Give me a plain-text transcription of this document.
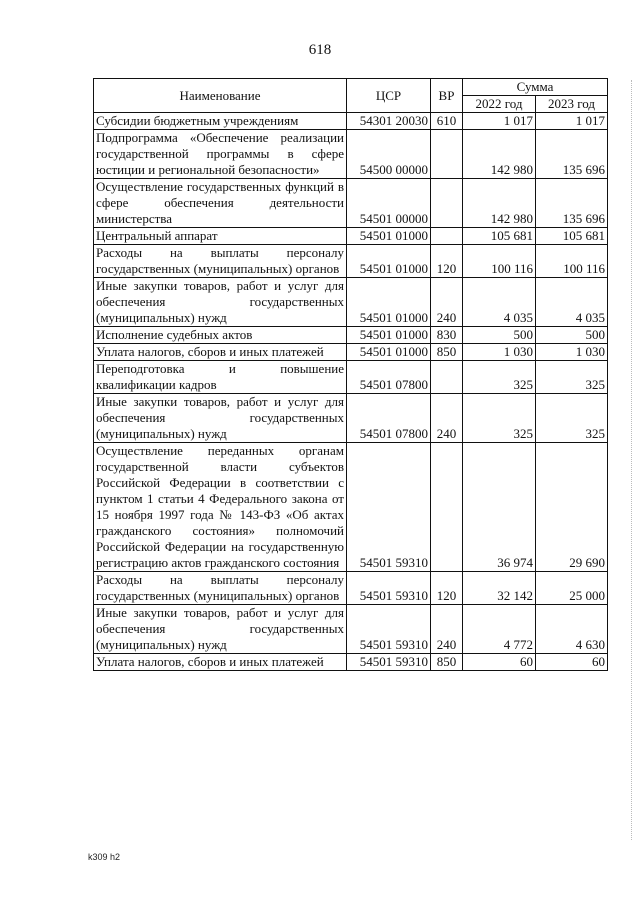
618
Наименование	ЦСР	ВР	Сумма	
			2022 год	2023 год
Субсидии бюджетным учреждениям	54301 20030	610	1 017	1 017
Подпрограмма «Обеспечение реализации государственной программы в сфере юстиции и региональной безопасности»	54500 00000		142 980	135 696
Осуществление государственных функций в сфере обеспечения деятельности министерства	54501 00000		142 980	135 696
Центральный аппарат	54501 01000		105 681	105 681
Расходы на выплаты персоналу государственных (муниципальных) органов	54501 01000	120	100 116	100 116
Иные закупки товаров, работ и услуг для обеспечения государственных (муниципальных) нужд	54501 01000	240	4 035	4 035
Исполнение судебных актов	54501 01000	830	500	500
Уплата налогов, сборов и иных платежей	54501 01000	850	1 030	1 030
Переподготовка и повышение квалификации кадров	54501 07800		325	325
Иные закупки товаров, работ и услуг для обеспечения государственных (муниципальных) нужд	54501 07800	240	325	325
Осуществление переданных органам государственной власти субъектов Российской Федерации в соответствии с пунктом 1 статьи 4 Федерального закона от 15 ноября 1997 года № 143-ФЗ «Об актах гражданского состояния» полномочий Российской Федерации на государственную регистрацию актов гражданского состояния	54501 59310		36 974	29 690
Расходы на выплаты персоналу государственных (муниципальных) органов	54501 59310	120	32 142	25 000
Иные закупки товаров, работ и услуг для обеспечения государственных (муниципальных) нужд	54501 59310	240	4 772	4 630
Уплата налогов, сборов и иных платежей	54501 59310	850	60	60
k309 h2
